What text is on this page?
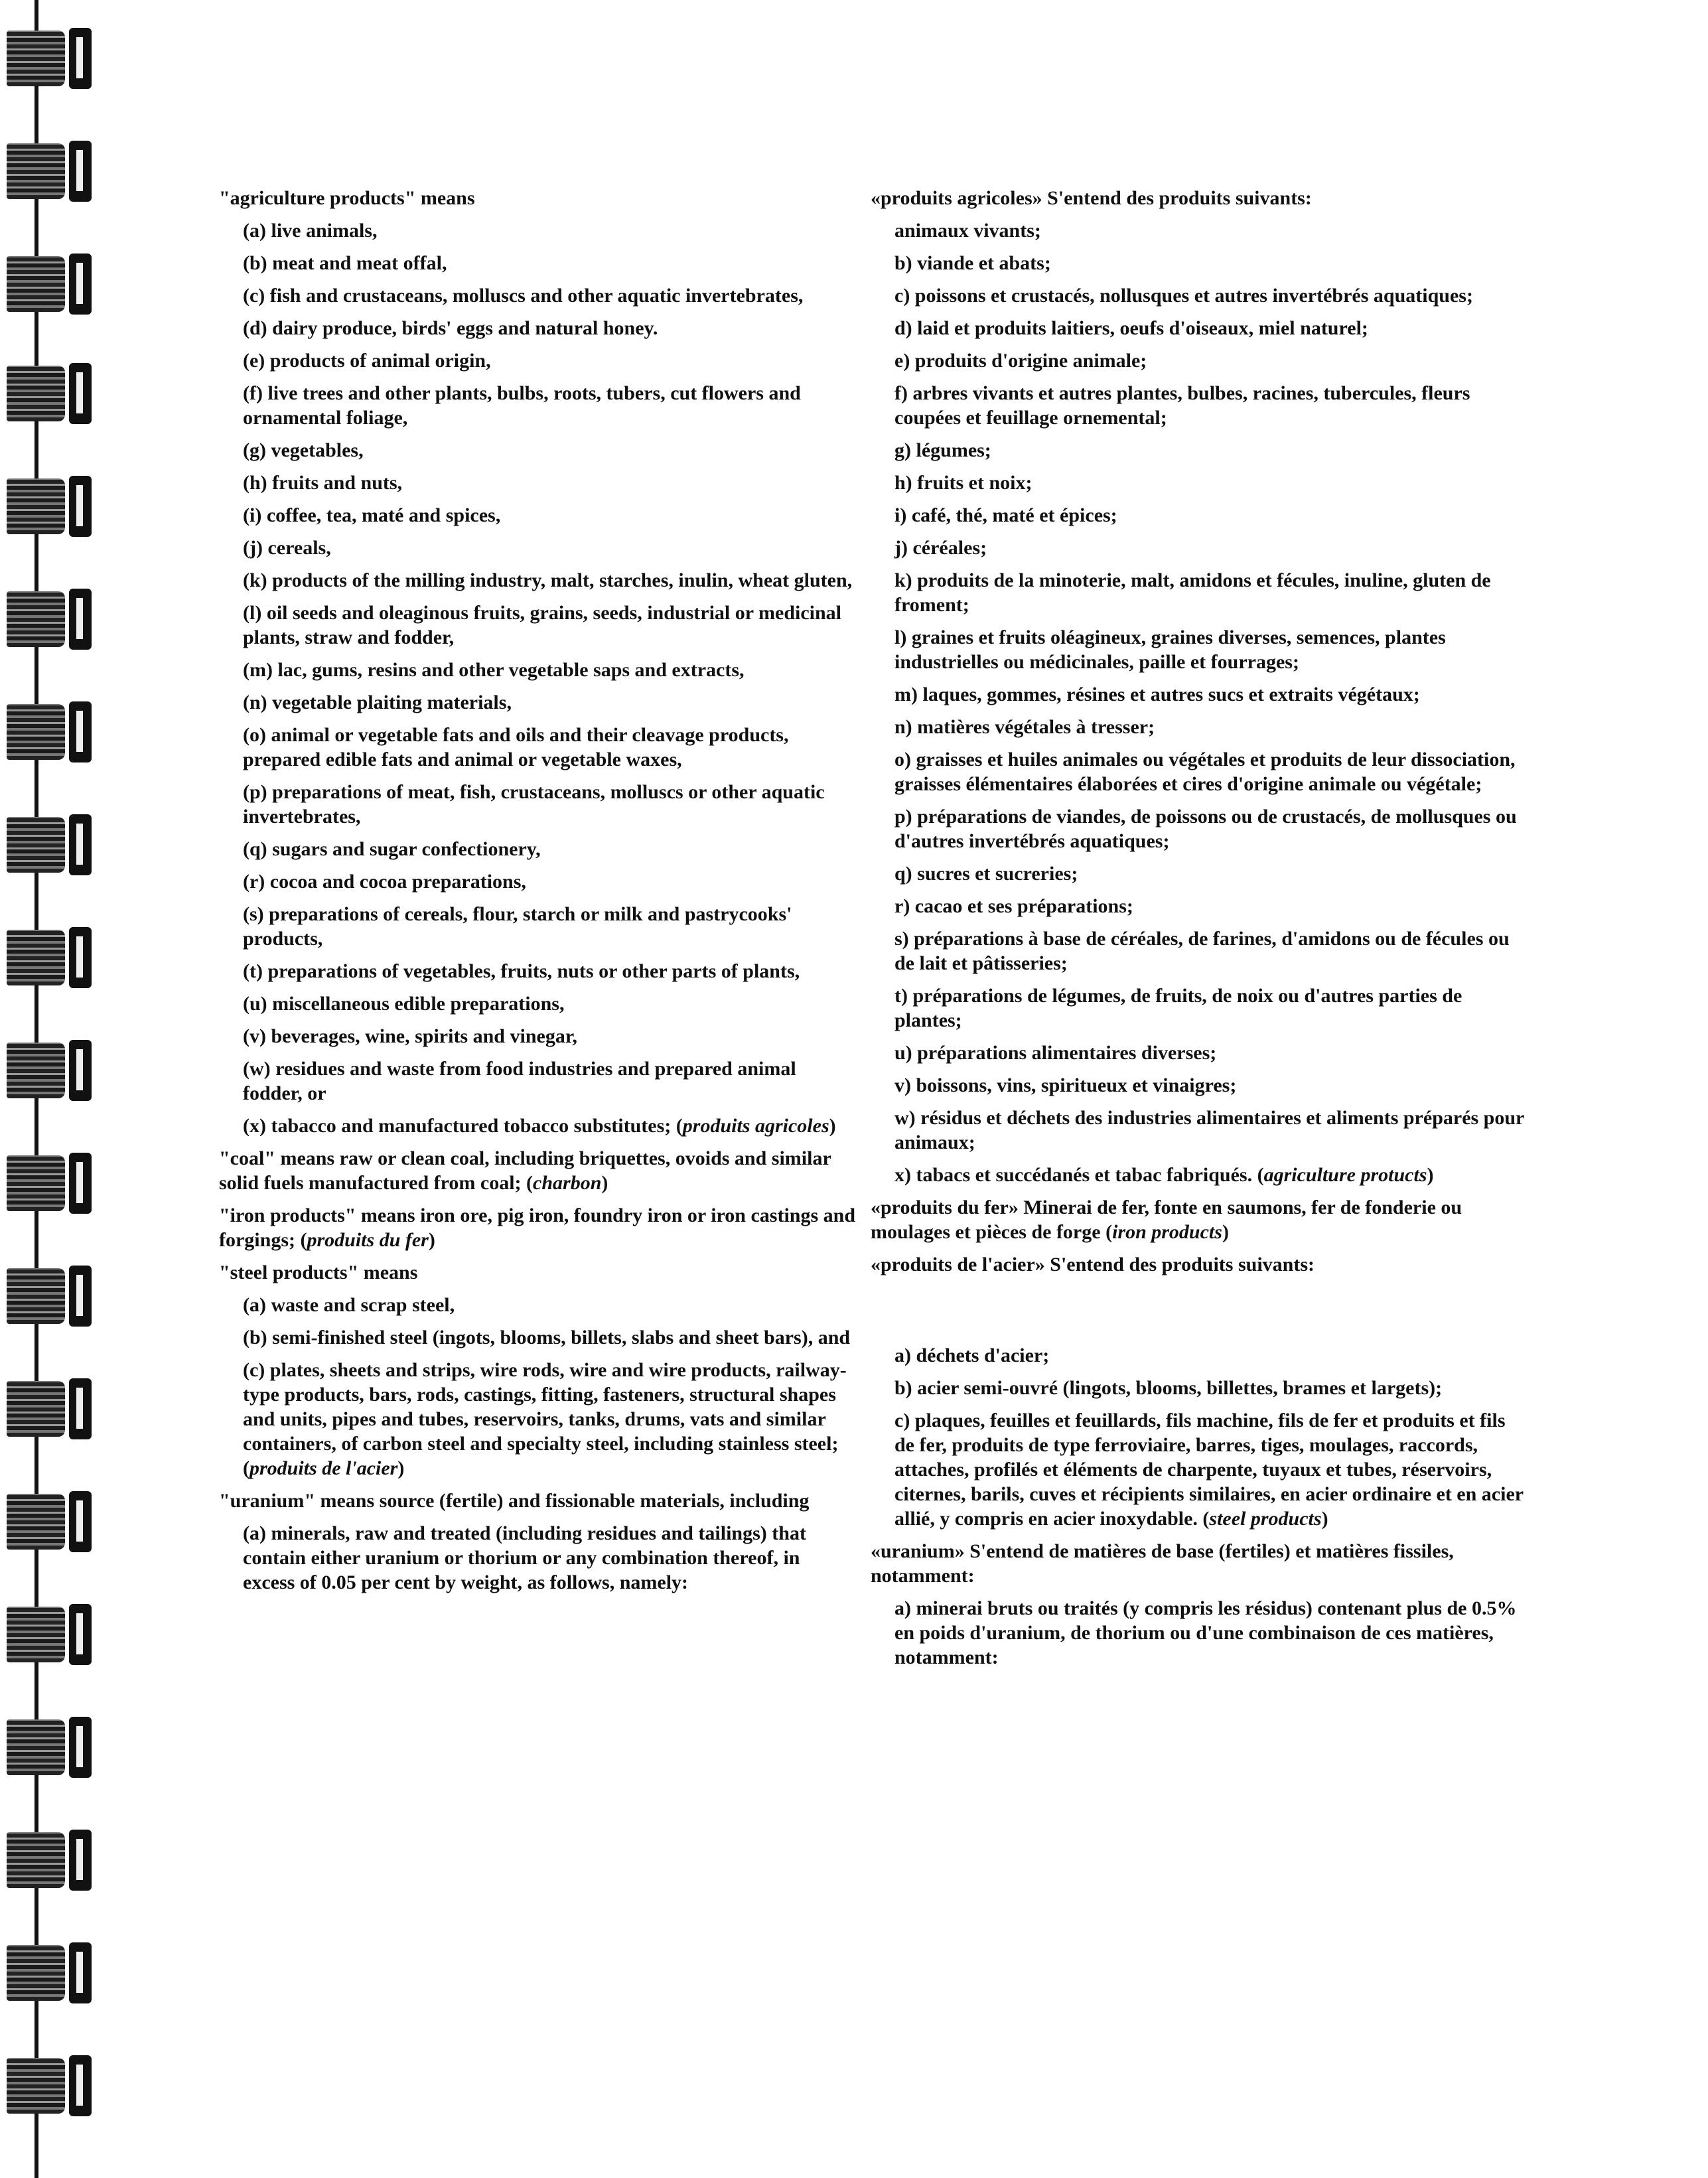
"agriculture products" means
(a) live animals,
(b) meat and meat offal,
(c) fish and crustaceans, molluscs and other aquatic invertebrates,
(d) dairy produce, birds' eggs and natural honey.
(e) products of animal origin,
(f) live trees and other plants, bulbs, roots, tubers, cut flowers and ornamental foliage,
(g) vegetables,
(h) fruits and nuts,
(i) coffee, tea, maté and spices,
(j) cereals,
(k) products of the milling industry, malt, starches, inulin, wheat gluten,
(l) oil seeds and oleaginous fruits, grains, seeds, industrial or medicinal plants, straw and fodder,
(m) lac, gums, resins and other vegetable saps and extracts,
(n) vegetable plaiting materials,
(o) animal or vegetable fats and oils and their cleavage products, prepared edible fats and animal or vegetable waxes,
(p) preparations of meat, fish, crustaceans, molluscs or other aquatic invertebrates,
(q) sugars and sugar confectionery,
(r) cocoa and cocoa preparations,
(s) preparations of cereals, flour, starch or milk and pastrycooks' products,
(t) preparations of vegetables, fruits, nuts or other parts of plants,
(u) miscellaneous edible preparations,
(v) beverages, wine, spirits and vinegar,
(w) residues and waste from food industries and prepared animal fodder, or
(x) tabacco and manufactured tobacco substitutes; (produits agricoles)
"coal" means raw or clean coal, including briquettes, ovoids and similar solid fuels manufactured from coal; (charbon)
"iron products" means iron ore, pig iron, foundry iron or iron castings and forgings; (produits du fer)
"steel products" means
(a) waste and scrap steel,
(b) semi-finished steel (ingots, blooms, billets, slabs and sheet bars), and
(c) plates, sheets and strips, wire rods, wire and wire products, railway-type products, bars, rods, castings, fitting, fasteners, structural shapes and units, pipes and tubes, reservoirs, tanks, drums, vats and similar containers, of carbon steel and specialty steel, including stainless steel; (produits de l'acier)
"uranium" means source (fertile) and fissionable materials, including
(a) minerals, raw and treated (including residues and tailings) that contain either uranium or thorium or any combination thereof, in excess of 0.05 per cent by weight, as follows, namely:
«produits agricoles» S'entend des produits suivants:
animaux vivants;
b) viande et abats;
c) poissons et crustacés, nollusques et autres invertébrés aquatiques;
d) laid et produits laitiers, oeufs d'oiseaux, miel naturel;
e) produits d'origine animale;
f) arbres vivants et autres plantes, bulbes, racines, tubercules, fleurs coupées et feuillage ornemental;
g) légumes;
h) fruits et noix;
i) café, thé, maté et épices;
j) céréales;
k) produits de la minoterie, malt, amidons et fécules, inuline, gluten de froment;
l) graines et fruits oléagineux, graines diverses, semences, plantes industrielles ou médicinales, paille et fourrages;
m) laques, gommes, résines et autres sucs et extraits végétaux;
n) matières végétales à tresser;
o) graisses et huiles animales ou végétales et produits de leur dissociation, graisses élémentaires élaborées et cires d'origine animale ou végétale;
p) préparations de viandes, de poissons ou de crustacés, de mollusques ou d'autres invertébrés aquatiques;
q) sucres et sucreries;
r) cacao et ses préparations;
s) préparations à base de céréales, de farines, d'amidons ou de fécules ou de lait et pâtisseries;
t) préparations de légumes, de fruits, de noix ou d'autres parties de plantes;
u) préparations alimentaires diverses;
v) boissons, vins, spiritueux et vinaigres;
w) résidus et déchets des industries alimentaires et aliments préparés pour animaux;
x) tabacs et succédanés et tabac fabriqués. (agriculture protucts)
«produits du fer» Minerai de fer, fonte en saumons, fer de fonderie ou moulages et pièces de forge (iron products)
«produits de l'acier» S'entend des produits suivants:
a) déchets d'acier;
b) acier semi-ouvré (lingots, blooms, billettes, brames et largets);
c) plaques, feuilles et feuillards, fils machine, fils de fer et produits et fils de fer, produits de type ferroviaire, barres, tiges, moulages, raccords, attaches, profilés et éléments de charpente, tuyaux et tubes, réservoirs, citernes, barils, cuves et récipients similaires, en acier ordinaire et en acier allié, y compris en acier inoxydable. (steel products)
«uranium» S'entend de matières de base (fertiles) et matières fissiles, notamment:
a) minerai bruts ou traités (y compris les résidus) contenant plus de 0.5% en poids d'uranium, de thorium ou d'une combinaison de ces matières, notamment:
